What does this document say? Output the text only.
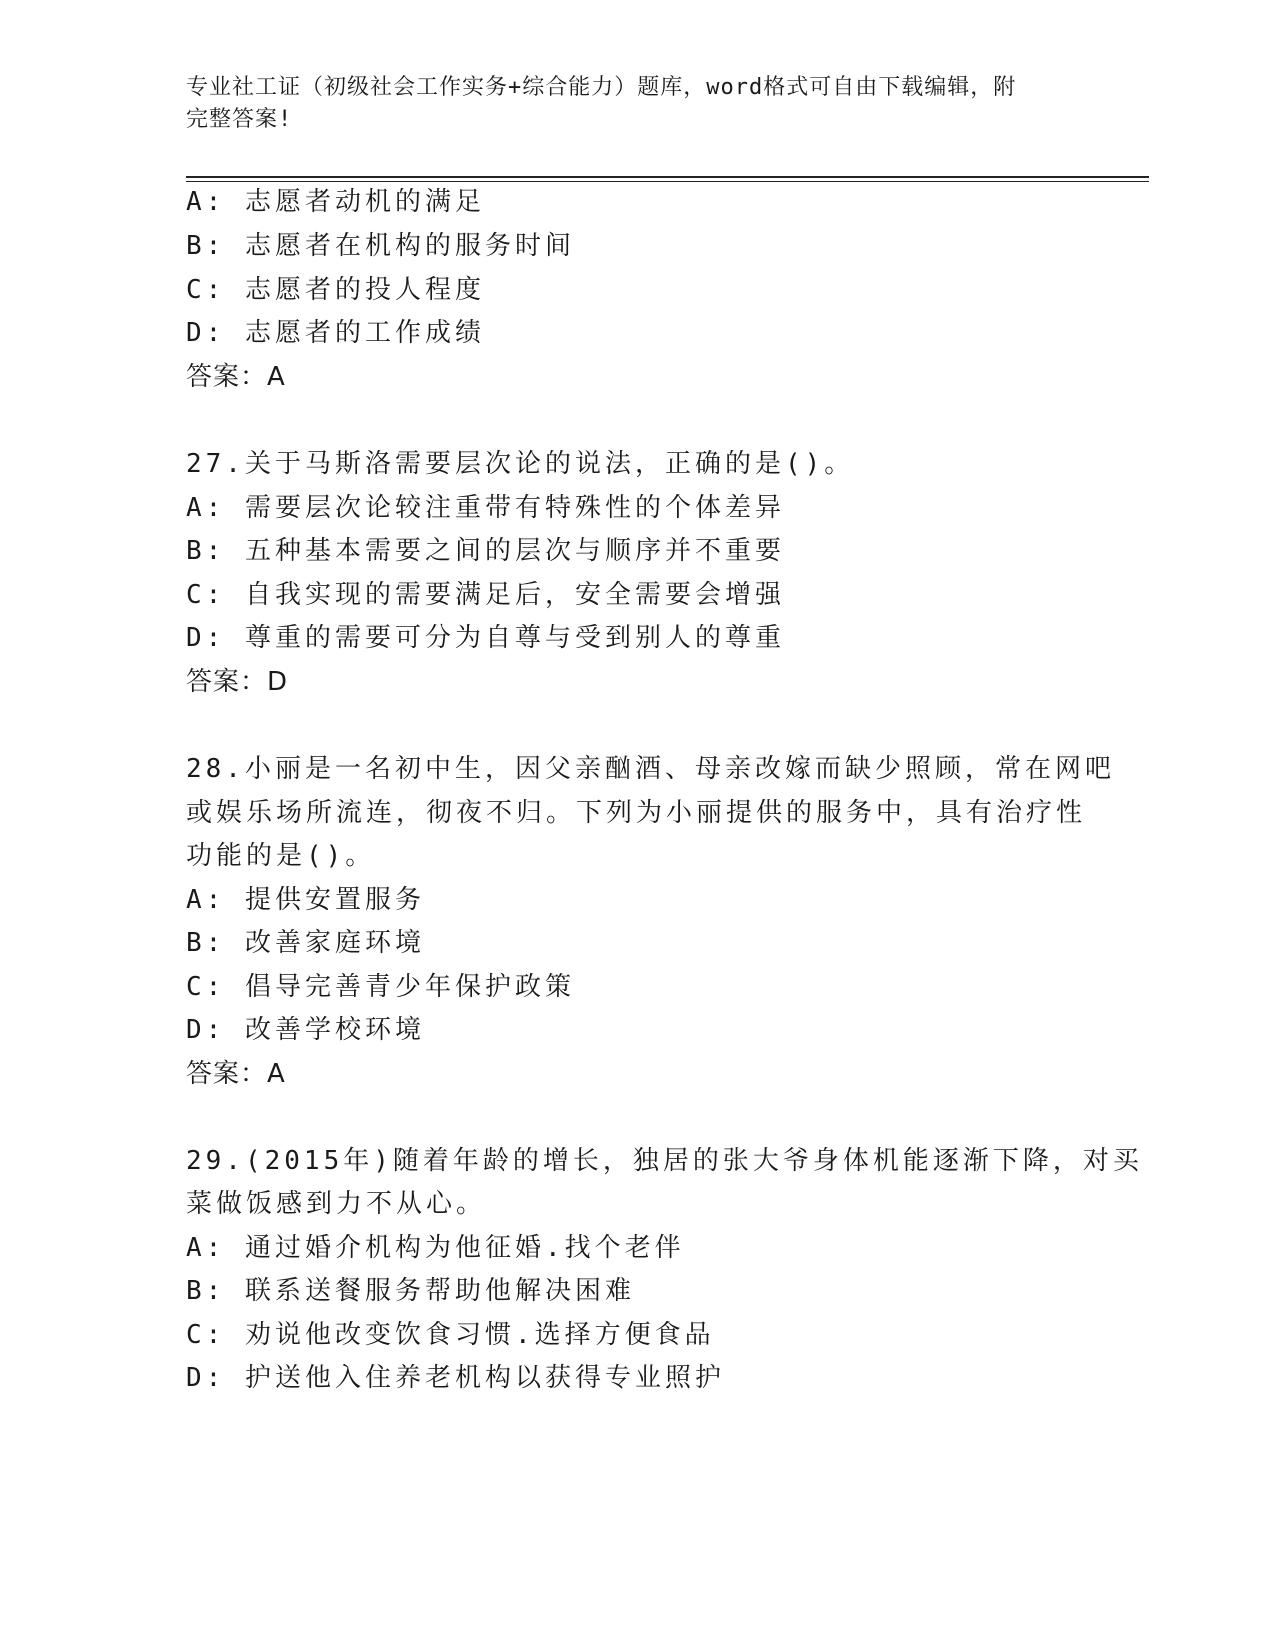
专业社工证（初级社会工作实务+综合能力）题库，word格式可自由下载编辑，附
完整答案!
A: 志愿者动机的满足
B: 志愿者在机构的服务时间
C: 志愿者的投人程度
D: 志愿者的工作成绩
答案：A
27.关于马斯洛需要层次论的说法，正确的是()。
A: 需要层次论较注重带有特殊性的个体差异
B: 五种基本需要之间的层次与顺序并不重要
C: 自我实现的需要满足后，安全需要会增强
D: 尊重的需要可分为自尊与受到别人的尊重
答案：D
28.小丽是一名初中生，因父亲酗酒、母亲改嫁而缺少照顾，常在网吧
或娱乐场所流连，彻夜不归。下列为小丽提供的服务中，具有治疗性
功能的是()。
A: 提供安置服务
B: 改善家庭环境
C: 倡导完善青少年保护政策
D: 改善学校环境
答案：A
29.(2015年)随着年龄的增长，独居的张大爷身体机能逐渐下降，对买
菜做饭感到力不从心。
A: 通过婚介机构为他征婚.找个老伴
B: 联系送餐服务帮助他解决困难
C: 劝说他改变饮食习惯.选择方便食品
D: 护送他入住养老机构以获得专业照护
